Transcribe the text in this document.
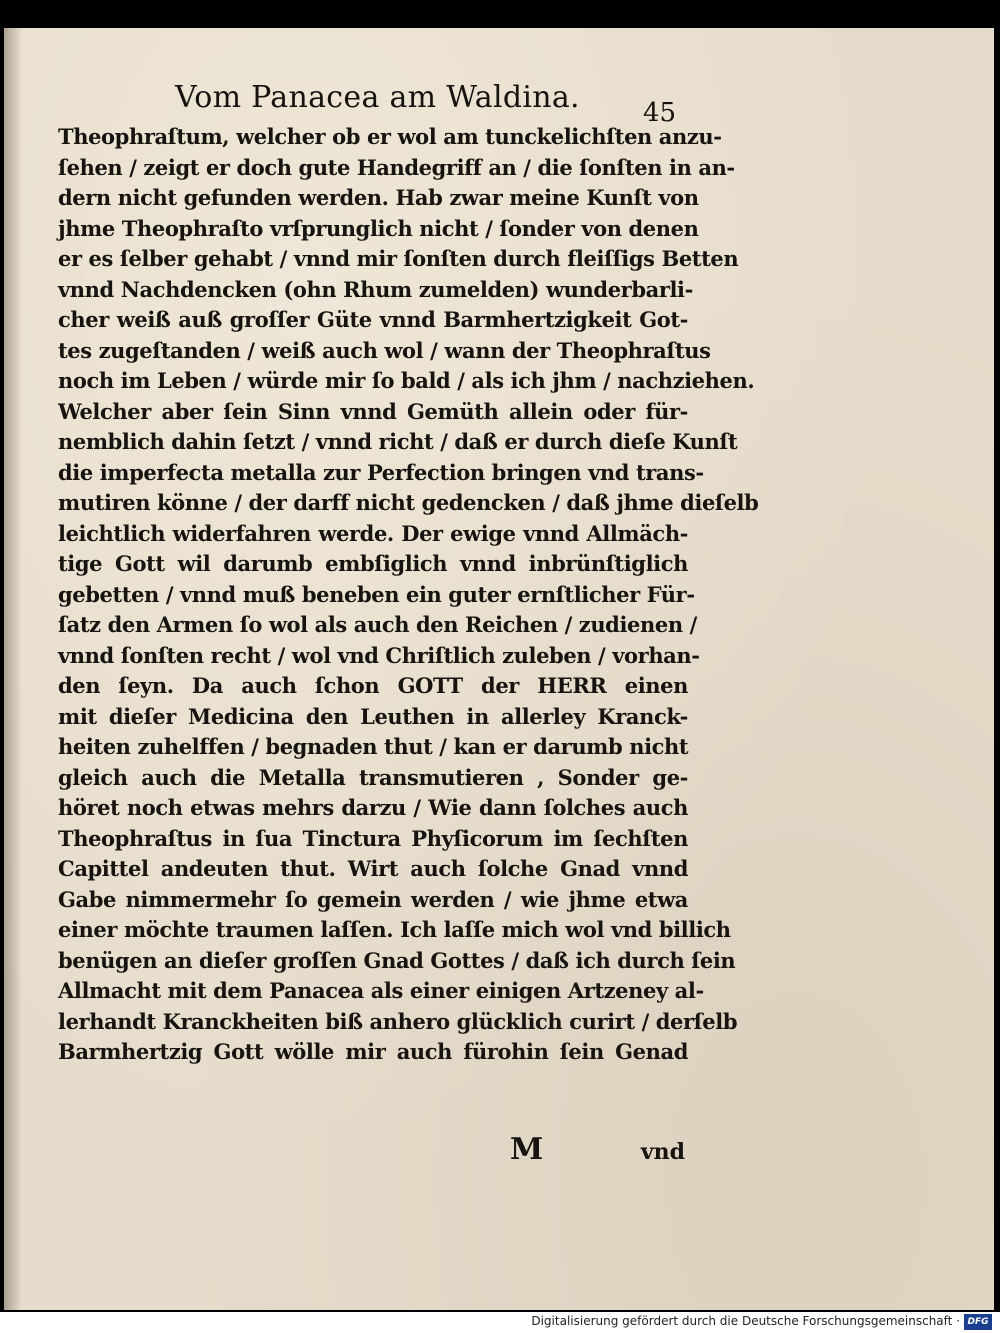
Vom Panacea am Waldina. 45
Theophraſtum, welcher ob er wol am tunckelichſten anzu-
ſehen / zeigt er doch gute Handegriff an / die ſonſten in an-
dern nicht gefunden werden. Hab zwar meine Kunſt von
jhme Theophraſto vrſprunglich nicht / ſonder von denen
er es ſelber gehabt / vnnd mir ſonſten durch fleiſſigs Betten
vnnd Nachdencken (ohn Rhum zumelden) wunderbarli-
cher weiß auß groſſer Güte vnnd Barmhertzigkeit Got-
tes zugeſtanden / weiß auch wol / wann der Theophraſtus
noch im Leben / würde mir ſo bald / als ich jhm / nachziehen.
Welcher aber ſein Sinn vnnd Gemüth allein oder für-
nemblich dahin ſetzt / vnnd richt / daß er durch dieſe Kunſt
die imperfecta metalla zur Perfection bringen vnd trans-
mutiren könne / der darff nicht gedencken / daß jhme dieſelb
leichtlich widerfahren werde. Der ewige vnnd Allmäch-
tige Gott wil darumb embſiglich vnnd inbrünſtiglich
gebetten / vnnd muß beneben ein guter ernſtlicher Für-
ſatz den Armen ſo wol als auch den Reichen / zudienen /
vnnd ſonſten recht / wol vnd Chriſtlich zuleben / vorhan-
den ſeyn. Da auch ſchon GOTT der HERR einen
mit dieſer Medicina den Leuthen in allerley Kranck-
heiten zuhelffen / begnaden thut / kan er darumb nicht
gleich auch die Metalla transmutieren , Sonder ge-
höret noch etwas mehrs darzu / Wie dann ſolches auch
Theophraſtus in ſua Tinctura Phyſicorum im ſechſten
Capittel andeuten thut. Wirt auch ſolche Gnad vnnd
Gabe nimmermehr ſo gemein werden / wie jhme etwa
einer möchte traumen laſſen. Ich laſſe mich wol vnd billich
benügen an dieſer groſſen Gnad Gottes / daß ich durch ſein
Allmacht mit dem Panacea als einer einigen Artzeney al-
lerhandt Kranckheiten biß anhero glücklich curirt / derſelb
Barmhertzig Gott wölle mir auch fürohin ſein Genad
M	vnd
Digitalisierung gefördert durch die Deutsche Forschungsgemeinschaft · DFG
